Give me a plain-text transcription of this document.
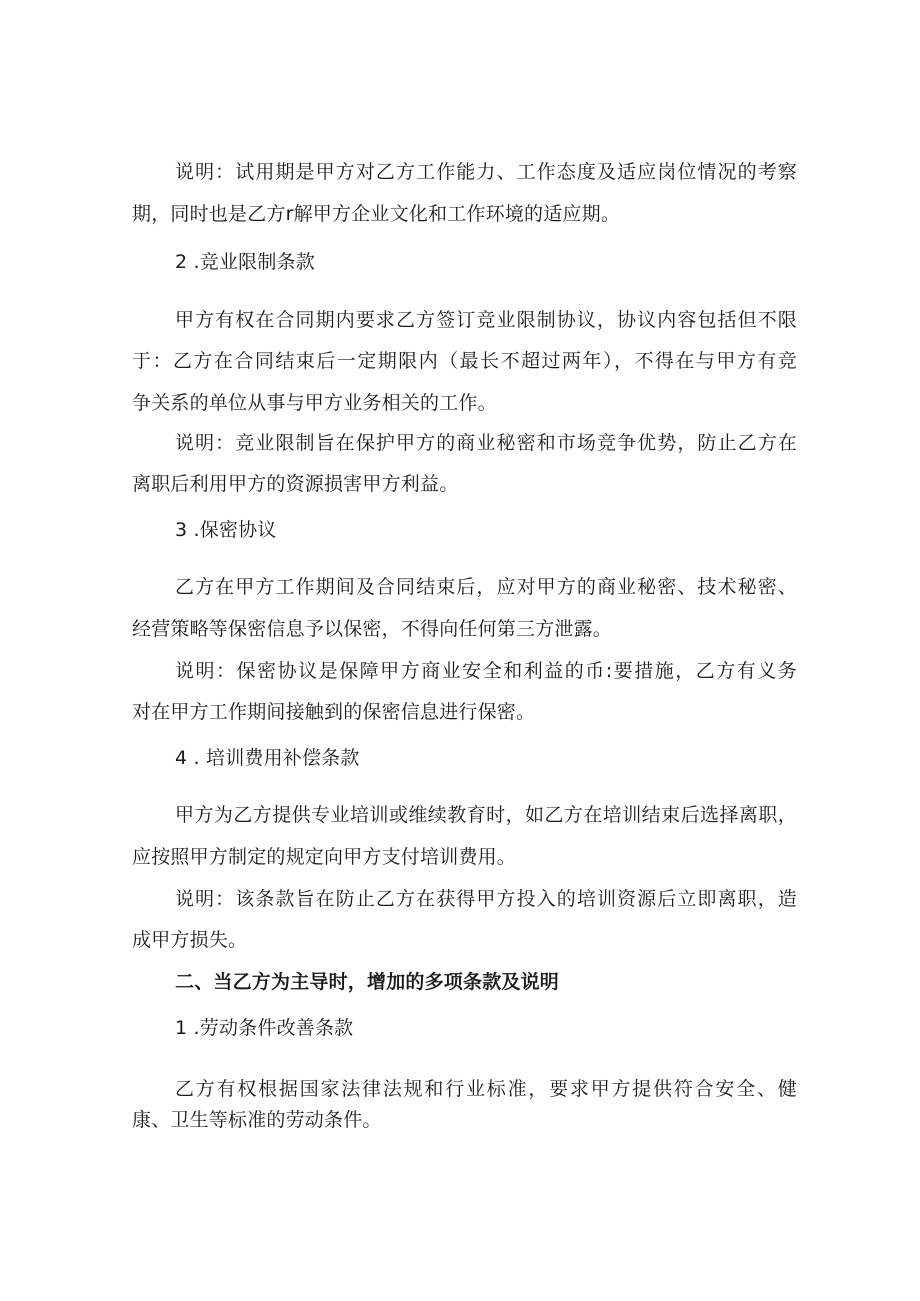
说明：试用期是甲方对乙方工作能力、工作态度及适应岗位情况的考察
期，同时也是乙方r解甲方企业文化和工作环境的适应期。
2 .竞业限制条款
甲方有权在合同期内要求乙方签订竞业限制协议，协议内容包括但不限
于：乙方在合同结束后一定期限内（最长不超过两年），不得在与甲方有竞
争关系的单位从事与甲方业务相关的工作。
说明：竞业限制旨在保护甲方的商业秘密和市场竞争优势，防止乙方在
离职后利用甲方的资源损害甲方利益。
3 .保密协议
乙方在甲方工作期间及合同结束后，应对甲方的商业秘密、技术秘密、
经营策略等保密信息予以保密，不得向任何第三方泄露。
说明：保密协议是保障甲方商业安全和利益的币:要措施，乙方有义务
对在甲方工作期间接触到的保密信息进行保密。
4 . 培训费用补偿条款
甲方为乙方提供专业培训或维续教育时，如乙方在培训结束后选择离职，
应按照甲方制定的规定向甲方支付培训费用。
说明：该条款旨在防止乙方在获得甲方投入的培训资源后立即离职，造
成甲方损失。
二、当乙方为主导时，增加的多项条款及说明
1 .劳动条件改善条款
乙方有权根据国家法律法规和行业标准，要求甲方提供符合安全、健
康、卫生等标准的劳动条件。
